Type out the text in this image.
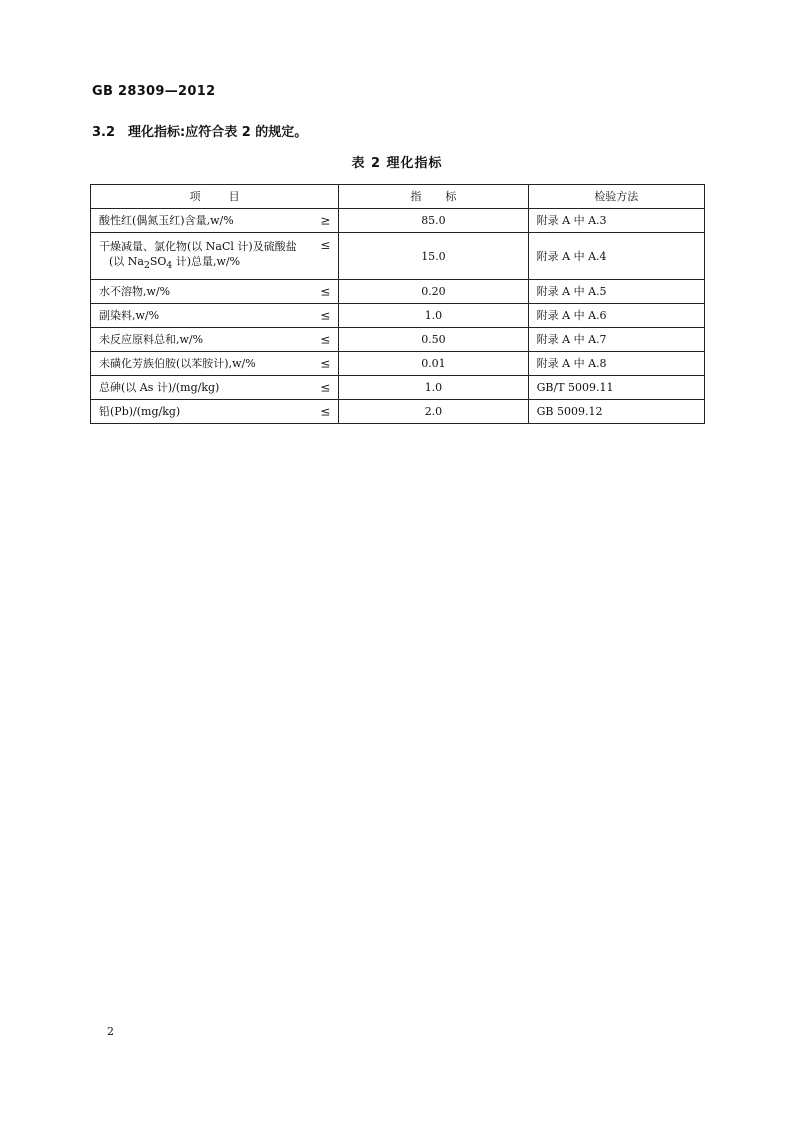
GB 28309—2012
3.2 理化指标:应符合表 2 的规定。
表 2 理化指标
项目	指标	检验方法
酸性红(偶氮玉红)含量,w/% ≥	85.0	附录 A 中 A.3
干燥减量、氯化物(以 NaCl 计)及硫酸盐
(以 $Na_2SO_4$ 计)总量,w/%
≤	15.0	附录 A 中 A.4
水不溶物,w/% ≤	0.20	附录 A 中 A.5
副染料,w/% ≤	1.0	附录 A 中 A.6
未反应原料总和,w/% ≤	0.50	附录 A 中 A.7
未磺化芳族伯胺(以苯胺计),w/% ≤	0.01	附录 A 中 A.8
总砷(以 As 计)/(mg/kg) ≤	1.0	GB/T 5009.11
铅(Pb)/(mg/kg) ≤	2.0	GB 5009.12
2
